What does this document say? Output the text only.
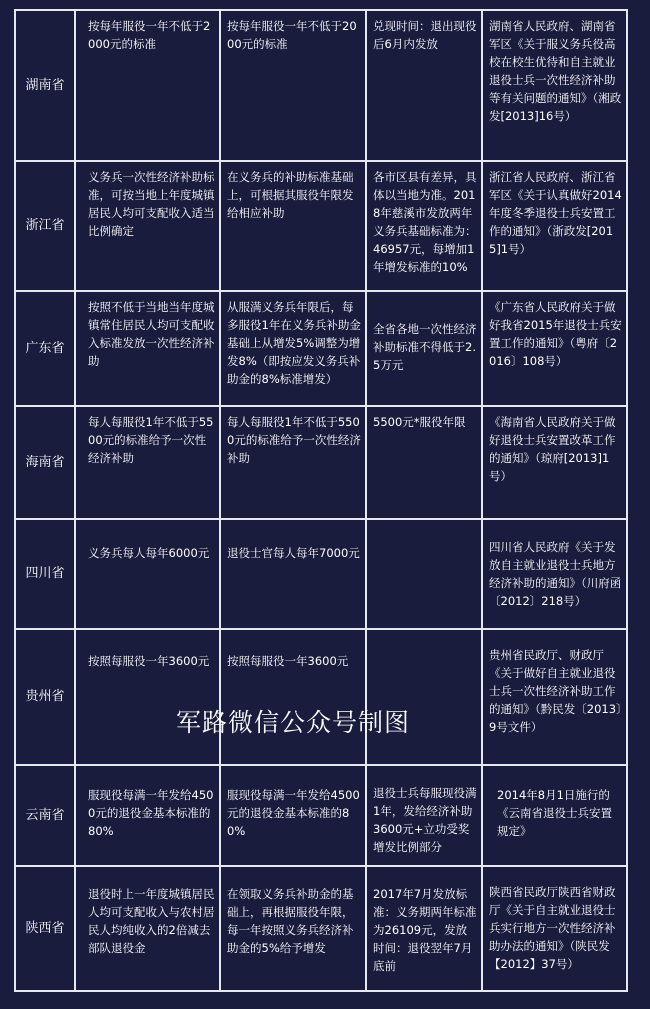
湖南省	按每年服役一年不低于2000元的标准	按每年服役一年不低于2000元的标准	兑现时间：退出现役后6月内发放	湖南省人民政府、湖南省军区《关于服义务兵役高校在校生优待和自主就业退役士兵一次性经济补助等有关问题的通知》（湘政发[2013]16号）
浙江省	义务兵一次性经济补助标准，可按当地上年度城镇居民人均可支配收入适当比例确定	在义务兵的补助标准基础上，可根据其服役年限发给相应补助	各市区县有差异，具体以当地为准。2018年慈溪市发放两年义务兵基础标准为：46957元，每增加1年增发标准的10%	浙江省人民政府、浙江省军区《关于认真做好2014年度冬季退役士兵安置工作的通知》（浙政发[2015]1号）
广东省	按照不低于当地当年度城镇常住居民人均可支配收入标准发放一次性经济补助	从服满义务兵年限后，每多服役1年在义务兵补助金基础上从增发5%调整为增发8%（即按应发义务兵补助金的8%标准增发）	全省各地一次性经济补助标准不得低于2.5万元	《广东省人民政府关于做好我省2015年退役士兵安置工作的通知》（粤府〔2016〕108号）
海南省	每人每服役1年不低于5500元的标准给予一次性经济补助	每人每服役1年不低于5500元的标准给予一次性经济补助	5500元*服役年限	《海南省人民政府关于做好退役士兵安置改革工作的通知》（琼府[2013]1号）
四川省	义务兵每人每年6000元	退役士官每人每年7000元		四川省人民政府《关于发放自主就业退役士兵地方经济补助的通知》（川府函〔2012〕218号）
贵州省	按照每服役一年3600元	按照每服役一年3600元		贵州省民政厅、财政厅《关于做好自主就业退役士兵一次性经济补助工作的通知》（黔民发〔2013〕9号文件）
云南省	服现役每满一年发给4500元的退役金基本标准的80%	服现役每满一年发给4500元的退役金基本标准的80%	退役士兵每服现役满1年，发给经济补助 3600元+立功受奖增发比例部分	2014年8月1日施行的《云南省退役士兵安置规定》
陕西省	退役时上一年度城镇居民人均可支配收入与农村居民人均纯收入的2倍减去部队退役金	在领取义务兵补助金的基础上，再根据服役年限，每一年按照义务兵经济补助金的5%给予增发	2017年7月发放标准：义务期两年标准为26109元，发放时间：退役翌年7月底前	陕西省民政厅陕西省财政厅《关于自主就业退役士兵实行地方一次性经济补助办法的通知》（陕民发【2012】37号）
军路微信公众号制图
